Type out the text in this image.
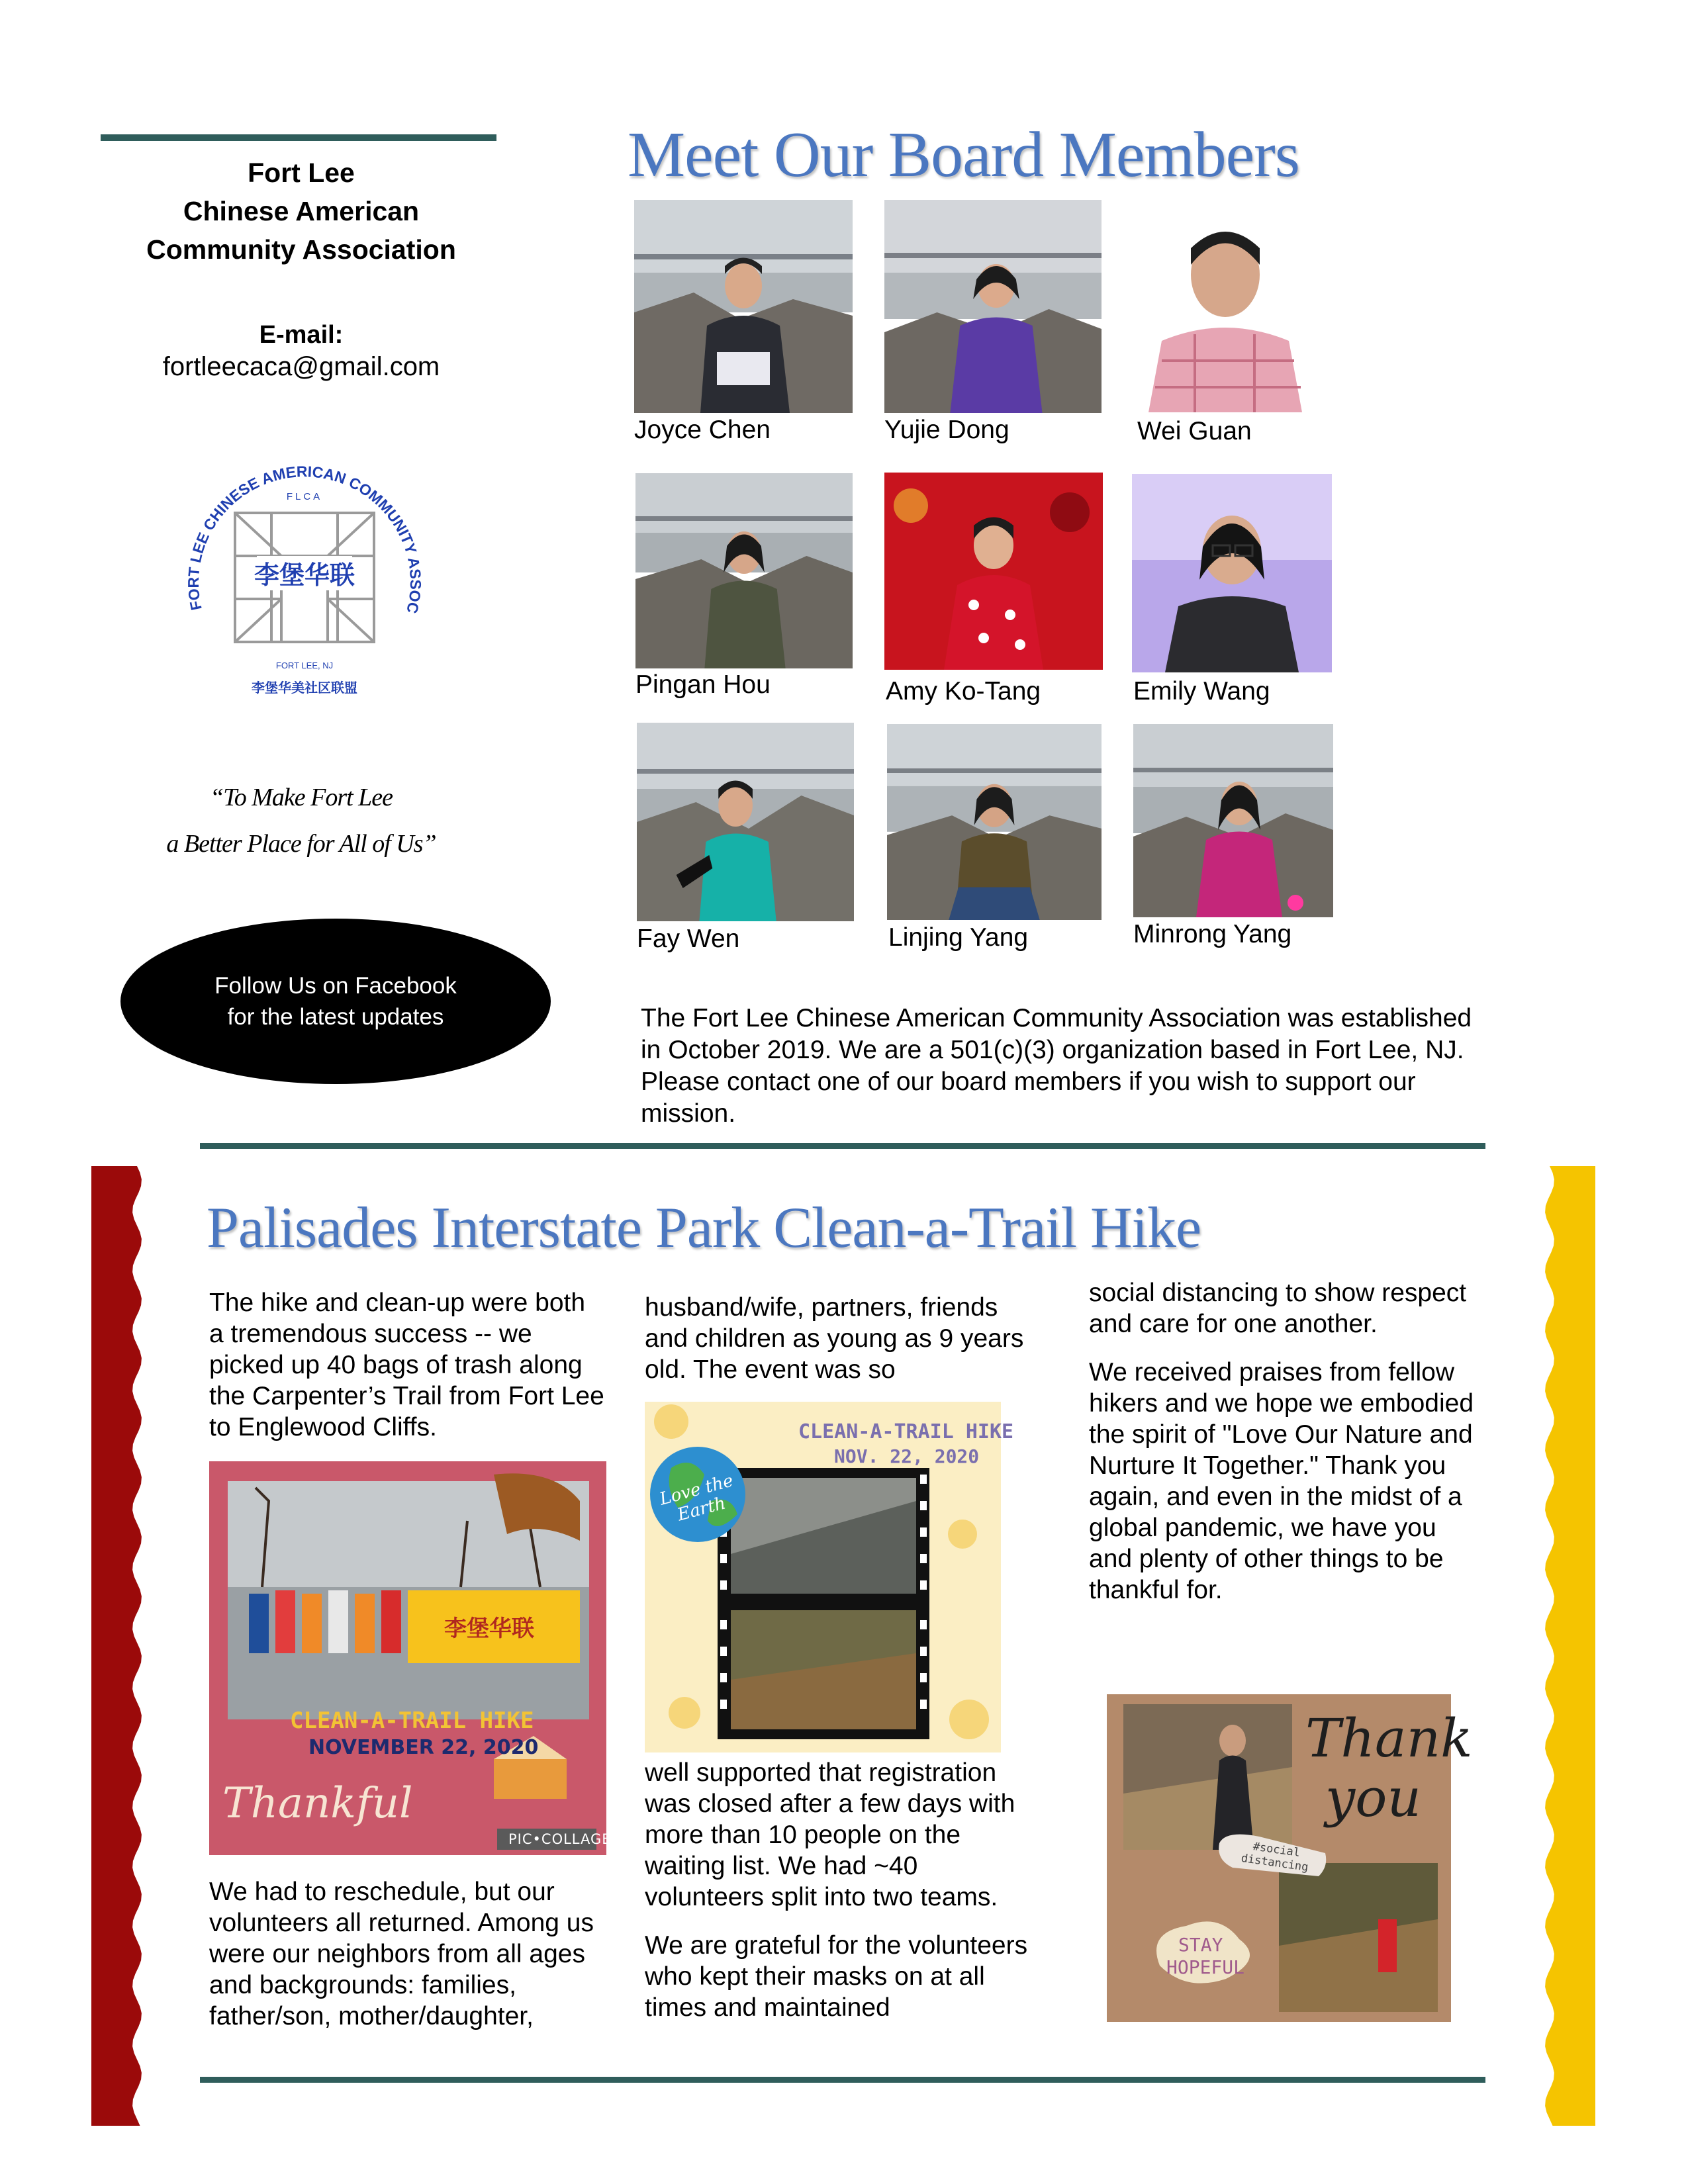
Fort Lee
Chinese American
Community Association
E-mail:
fortleecaca@gmail.com
FORT LEE CHINESE AMERICAN COMMUNITY ASSOC
FLCA
李堡华联
FORT LEE, NJ
李堡华美社区联盟
“To Make Fort Lee
a Better Place for All of Us”
Follow Us on Facebook
for the latest updates
Meet Our Board Members
Joyce Chen	Yujie Dong	Wei Guan
Pingan Hou	Amy Ko-Tang	Emily Wang
Fay Wen	Linjing Yang	Minrong Yang
The Fort Lee Chinese American Community Association was established in October 2019. We are a 501(c)(3) organization based in Fort Lee, NJ. Please contact one of our board members if you wish to support our mission.
Palisades Interstate Park Clean-a-Trail Hike

The hike and clean-up were both a tremendous success -- we picked up 40 bags of trash along the Carpenter’s Trail from Fort Lee to Englewood Cliffs.

李堡华联
CLEAN-A-TRAIL HIKE
NOVEMBER 22, 2020
Thankful
PIC•COLLAGE

We had to reschedule, but our volunteers all returned. Among us were our neighbors from all ages and backgrounds: families, father/son, mother/daughter,

husband/wife, partners, friends and children as young as 9 years old. The event was so

CLEAN-A-TRAIL HIKE
NOV. 22, 2020
Love the Earth

well supported that registration was closed after a few days with more than 10 people on the waiting list. We had ~40 volunteers split into two teams.

We are grateful for the volunteers who kept their masks on at all times and maintained

social distancing to show respect and care for one another.

We received praises from fellow hikers and we hope we embodied the spirit of "Love Our Nature and Nurture It Together." Thank you again, and even in the midst of a global pandemic, we have you and plenty of other things to be thankful for.

Thank
you
#social distancing
STAY
HOPEFUL
